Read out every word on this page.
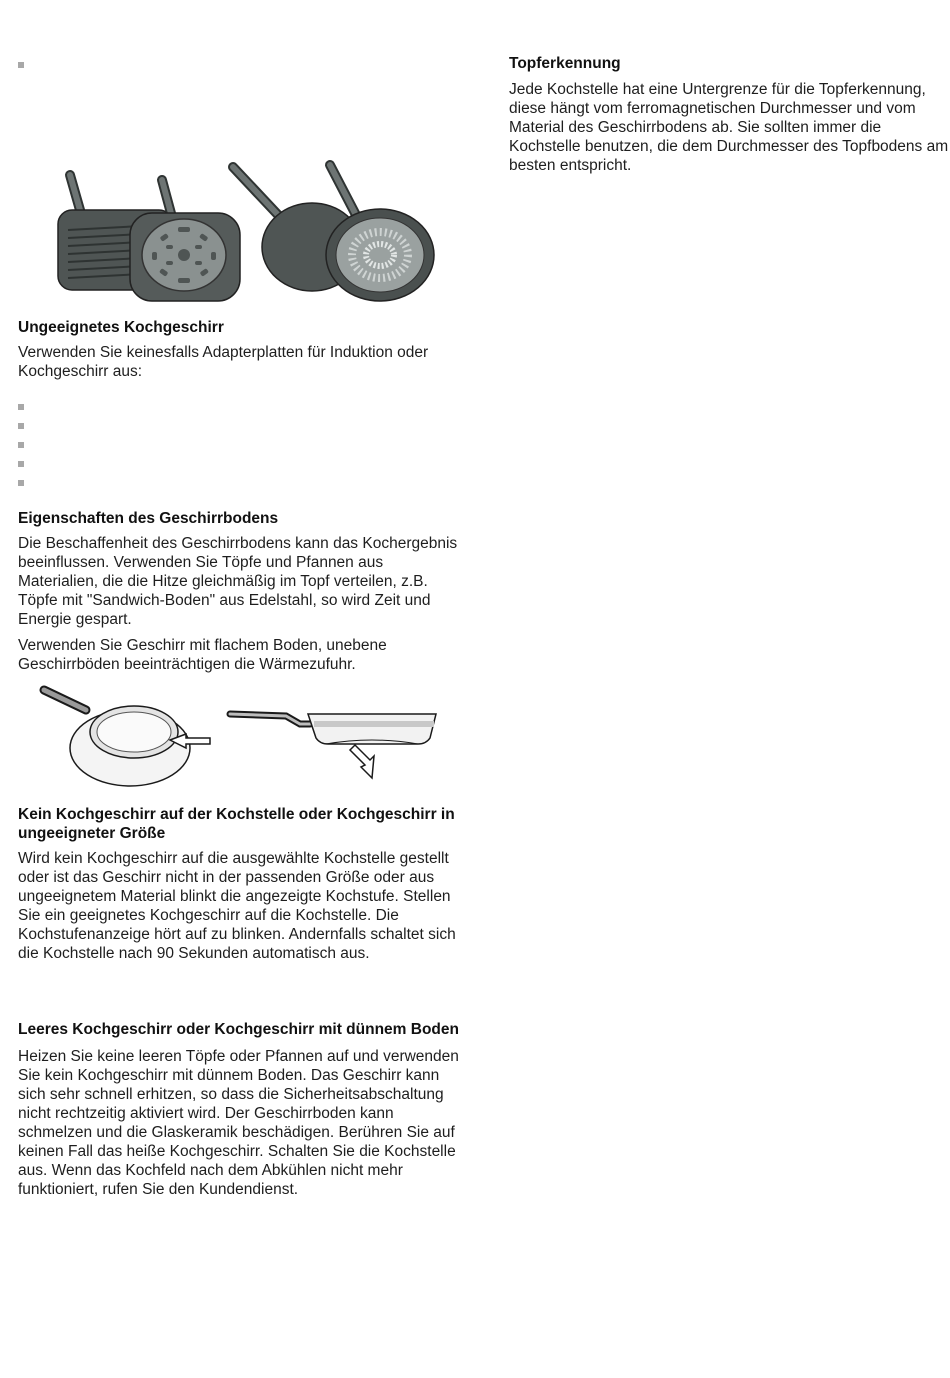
Ungeeignetes Kochgeschirr

Verwenden Sie keinesfalls Adapterplatten für Induktion oder Kochgeschirr aus:

Eigenschaften des Geschirrbodens

Die Beschaffenheit des Geschirrbodens kann das Kochergebnis beeinflussen. Verwenden Sie Töpfe und Pfannen aus Materialien, die die Hitze gleichmäßig im Topf verteilen, z.B. Töpfe mit "Sandwich-Boden" aus Edelstahl, so wird Zeit und Energie gespart.

Verwenden Sie Geschirr mit flachem Boden, unebene Geschirrböden beeinträchtigen die Wärmezufuhr.

Kein Kochgeschirr auf der Kochstelle oder Kochgeschirr in ungeeigneter Größe

Wird kein Kochgeschirr auf die ausgewählte Kochstelle gestellt oder ist das Geschirr nicht in der passenden Größe oder aus ungeeignetem Material blinkt die angezeigte Kochstufe. Stellen Sie ein geeignetes Kochgeschirr auf die Kochstelle. Die Kochstufenanzeige hört auf zu blinken. Andernfalls schaltet sich die Kochstelle nach 90 Sekunden automatisch aus.

Leeres Kochgeschirr oder Kochgeschirr mit dünnem Boden

Heizen Sie keine leeren Töpfe oder Pfannen auf und verwenden Sie kein Kochgeschirr mit dünnem Boden. Das Geschirr kann sich sehr schnell erhitzen, so dass die Sicherheitsabschaltung nicht rechtzeitig aktiviert wird. Der Geschirrboden kann schmelzen und die Glaskeramik beschädigen. Berühren Sie auf keinen Fall das heiße Kochgeschirr. Schalten Sie die Kochstelle aus. Wenn das Kochfeld nach dem Abkühlen nicht mehr funktioniert, rufen Sie den Kundendienst.

Topferkennung

Jede Kochstelle hat eine Untergrenze für die Topferkennung, diese hängt vom ferromagnetischen Durchmesser und vom Material des Geschirrbodens ab. Sie sollten immer die Kochstelle benutzen, die dem Durchmesser des Topfbodens am besten entspricht.
